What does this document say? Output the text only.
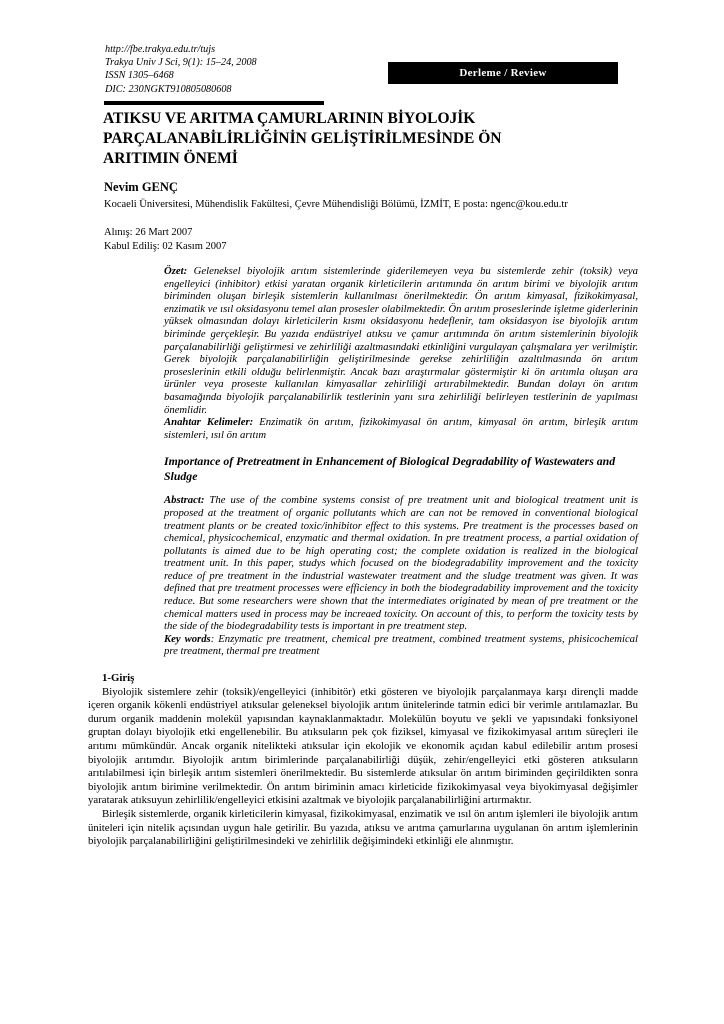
http://fbe.trakya.edu.tr/tujs
Trakya Univ J Sci, 9(1): 15–24, 2008
ISSN 1305–6468
DIC: 230NGKT910805080608
Derleme / Review
ATIKSU VE ARITMA ÇAMURLARININ BİYOLOJİK PARÇALANABİLİRLİĞİNİN GELİŞTİRİLMESİNDE ÖN ARITIMIN ÖNEMİ
Nevim GENÇ
Kocaeli Üniversitesi, Mühendislik Fakültesi, Çevre Mühendisliği Bölümü, İZMİT, E posta: ngenc@kou.edu.tr
Alınış: 26 Mart 2007
Kabul Ediliş: 02 Kasım 2007

Özet: Geleneksel biyolojik arıtım sistemlerinde giderilemeyen veya bu sistemlerde zehir (toksik) veya engelleyici (inhibitor) etkisi yaratan organik kirleticilerin arıtımında ön arıtım birimi ve biyolojik arıtım biriminden oluşan birleşik sistemlerin kullanılması önerilmektedir. Ön arıtım kimyasal, fizikokimyasal, enzimatik ve ısıl oksidasyonu temel alan prosesler olabilmektedir. Ön arıtım proseslerinde işletme giderlerinin yüksek olmasından dolayı kirleticilerin kısmı oksidasyonu hedeflenir, tam oksidasyon ise biyolojik arıtım biriminde gerçekleşir. Bu yazıda endüstriyel atıksu ve çamur arıtımında ön arıtım sistemlerinin biyolojik parçalanabilirliği geliştirmesi ve zehirliliği azaltmasındaki etkinliğini vurgulayan çalışmalara yer verilmiştir. Gerek biyolojik parçalanabilirliğin geliştirilmesinde gerekse zehirliliğin azaltılmasında ön arıtım proseslerinin etkili olduğu belirlenmiştir. Ancak bazı araştırmalar göstermiştir ki ön arıtımla oluşan ara ürünler veya proseste kullanılan kimyasallar zehirliliği artırabilmektedir. Bundan dolayı ön arıtım basamağında biyolojik parçalanabilirlik testlerinin yanı sıra zehirliliği belirleyen testlerinin de yapılması önemlidir.

Anahtar Kelimeler: Enzimatik ön arıtım, fizikokimyasal ön arıtım, kimyasal ön arıtım, birleşik arıtım sistemleri, ısıl ön arıtım

Importance of Pretreatment in Enhancement of Biological Degradability of Wastewaters and Sludge

Abstract: The use of the combine systems consist of pre treatment unit and biological treatment unit is proposed at the treatment of organic pollutants which are can not be removed in conventional biological treatment plants or be created toxic/inhibitor effect to this systems. Pre treatment is the processes based on chemical, physicochemical, enzymatic and thermal oxidation. In pre treatment process, a partial oxidation of pollutants is aimed due to be high operating cost; the complete oxidation is realized in the biological treatment unit. In this paper, studys which focused on the biodegradability improvement and the toxicity reduce of pre treatment in the industrial wastewater treatment and the sludge treatment was given. It was defined that pre treatment processes were efficiency in both the biodegradability improvement and the toxicity reduce. But some researchers were shown that the intermediates originated by mean of pre treatment or the chemical matters used in process may be increaed toxicity. On account of this, to perform the toxicity tests by the side of the biodegradability tests is important in pre treatment step.

Key words: Enzymatic pre treatment, chemical pre treatment, combined treatment systems, phisicochemical pre treatment, thermal pre treatment

1-Giriş

Biyolojik sistemlere zehir (toksik)/engelleyici (inhibitör) etki gösteren ve biyolojik parçalanmaya karşı dirençli madde içeren organik kökenli endüstriyel atıksular geleneksel biyolojik arıtım ünitelerinde tatmin edici bir verimle arıtılamazlar. Bu durum organik maddenin molekül yapısından kaynaklanmaktadır. Molekülün boyutu ve şekli ve yapısındaki fonksiyonel gruptan dolayı biyolojik etki engellenebilir. Bu atıksuların pek çok fiziksel, kimyasal ve fizikokimyasal arıtım süreçleri ile arıtımı mümkündür. Ancak organik nitelikteki atıksular için ekolojik ve ekonomik açıdan kabul edilebilir arıtım prosesi biyolojik arıtımdır. Biyolojik arıtım birimlerinde parçalanabilirliği düşük, zehir/engelleyici etki gösteren atıksuların arıtılabilmesi için birleşik arıtım sistemleri önerilmektedir. Bu sistemlerde atıksular ön arıtım biriminden geçirildikten sonra biyolojik arıtım birimine verilmektedir. Ön arıtım biriminin amacı kirleticide fizikokimyasal veya biyokimyasal değişimler yaratarak atıksuyun zehirlilik/engelleyici etkisini azaltmak ve biyolojik parçalanabilirliğini artırmaktır.

Birleşik sistemlerde, organik kirleticilerin kimyasal, fizikokimyasal, enzimatik ve ısıl ön arıtım işlemleri ile biyolojik arıtım üniteleri için nitelik açısından uygun hale getirilir. Bu yazıda, atıksu ve arıtma çamurlarına uygulanan ön arıtım işlemlerinin biyolojik parçalanabilirliğini geliştirilmesindeki ve zehirlilik değişimindeki etkinliği ele alınmıştır.
